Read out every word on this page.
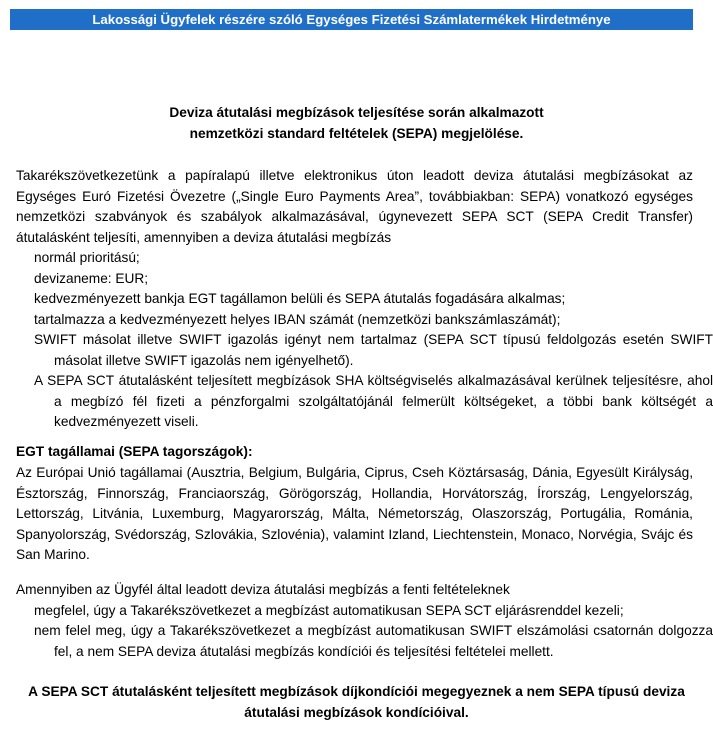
Lakossági Ügyfelek részére szóló Egységes Fizetési Számlatermékek Hirdetménye
Deviza átutalási megbízások teljesítése során alkalmazott
nemzetközi standard feltételek (SEPA) megjelölése.

Takarékszövetkezetünk a papíralapú illetve elektronikus úton leadott deviza átutalási megbízásokat az Egységes Euró Fizetési Övezetre („Single Euro Payments Area”, továbbiakban: SEPA) vonatkozó egységes nemzetközi szabványok és szabályok alkalmazásával, úgynevezett SEPA SCT (SEPA Credit Transfer) átutalásként teljesíti, amennyiben a deviza átutalási megbízás

normál prioritású;

devizaneme: EUR;

kedvezményezett bankja EGT tagállamon belüli és SEPA átutalás fogadására alkalmas;

tartalmazza a kedvezményezett helyes IBAN számát (nemzetközi bankszámlaszámát);

SWIFT másolat illetve SWIFT igazolás igényt nem tartalmaz (SEPA SCT típusú feldolgozás esetén SWIFT másolat illetve SWIFT igazolás nem igényelhető).

A SEPA SCT átutalásként teljesített megbízások SHA költségviselés alkalmazásával kerülnek teljesítésre, ahol a megbízó fél fizeti a pénzforgalmi szolgáltatójánál felmerült költségeket, a többi bank költségét a kedvezményezett viseli.

EGT tagállamai (SEPA tagországok):

Az Európai Unió tagállamai (Ausztria, Belgium, Bulgária, Ciprus, Cseh Köztársaság, Dánia, Egyesült Királyság, Észtország, Finnország, Franciaország, Görögország, Hollandia, Horvátország, Írország, Lengyelország, Lettország, Litvánia, Luxemburg, Magyarország, Málta, Németország, Olaszország, Portugália, Románia, Spanyolország, Svédország, Szlovákia, Szlovénia), valamint Izland, Liechtenstein, Monaco, Norvégia, Svájc és San Marino.

Amennyiben az Ügyfél által leadott deviza átutalási megbízás a fenti feltételeknek

megfelel, úgy a Takarékszövetkezet a megbízást automatikusan SEPA SCT eljárásrenddel kezeli;

nem felel meg, úgy a Takarékszövetkezet a megbízást automatikusan SWIFT elszámolási csatornán dolgozza fel, a nem SEPA deviza átutalási megbízás kondíciói és teljesítési feltételei mellett.

A SEPA SCT átutalásként teljesített megbízások díjkondíciói megegyeznek a nem SEPA típusú deviza átutalási megbízások kondícióival.
